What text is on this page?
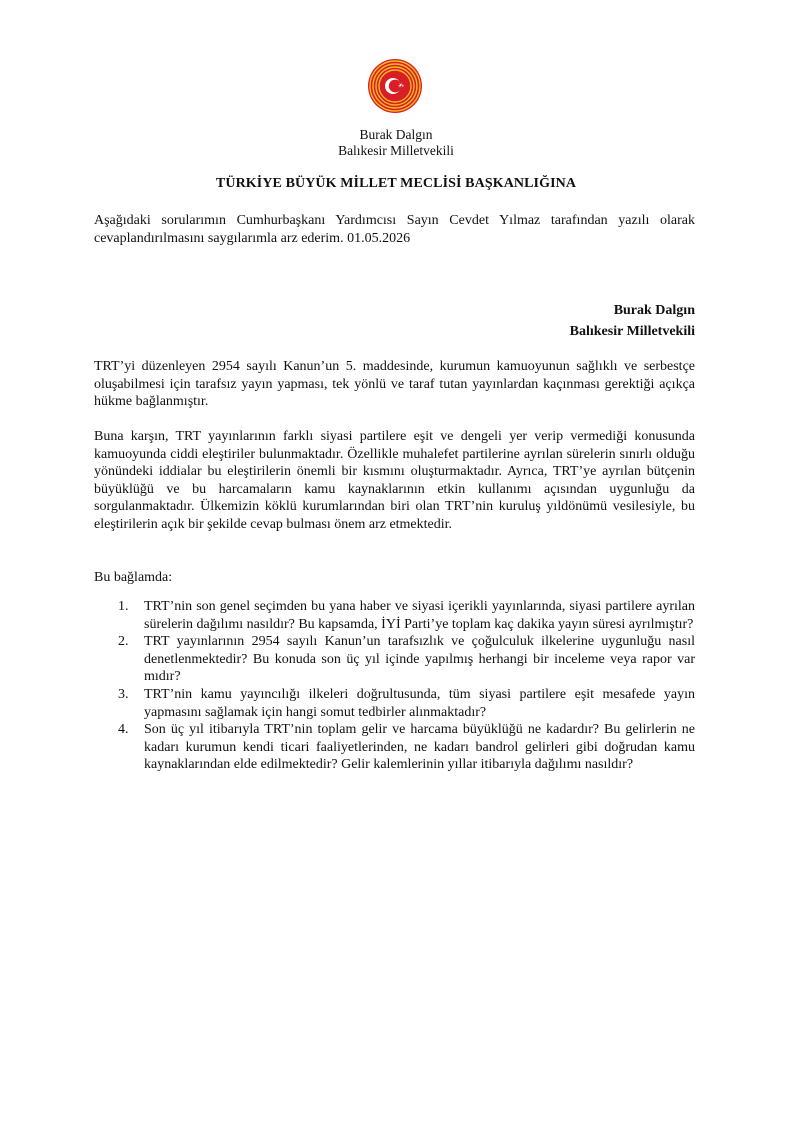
Burak Dalgın
Balıkesir Milletvekili
TÜRKİYE BÜYÜK MİLLET MECLİSİ BAŞKANLIĞINA
Aşağıdaki sorularımın Cumhurbaşkanı Yardımcısı Sayın Cevdet Yılmaz tarafından yazılı olarak cevaplandırılmasını saygılarımla arz ederim. 01.05.2026
Burak Dalgın
Balıkesir Milletvekili
TRT’yi düzenleyen 2954 sayılı Kanun’un 5. maddesinde, kurumun kamuoyunun sağlıklı ve serbestçe oluşabilmesi için tarafsız yayın yapması, tek yönlü ve taraf tutan yayınlardan kaçınması gerektiği açıkça hükme bağlanmıştır.
Buna karşın, TRT yayınlarının farklı siyasi partilere eşit ve dengeli yer verip vermediği konusunda kamuoyunda ciddi eleştiriler bulunmaktadır. Özellikle muhalefet partilerine ayrılan sürelerin sınırlı olduğu yönündeki iddialar bu eleştirilerin önemli bir kısmını oluşturmaktadır. Ayrıca, TRT’ye ayrılan bütçenin büyüklüğü ve bu harcamaların kamu kaynaklarının etkin kullanımı açısından uygunluğu da sorgulanmaktadır. Ülkemizin köklü kurumlarından biri olan TRT’nin kuruluş yıldönümü vesilesiyle, bu eleştirilerin açık bir şekilde cevap bulması önem arz etmektedir.
Bu bağlamda:
1. TRT’nin son genel seçimden bu yana haber ve siyasi içerikli yayınlarında, siyasi partilere ayrılan sürelerin dağılımı nasıldır? Bu kapsamda, İYİ Parti’ye toplam kaç dakika yayın süresi ayrılmıştır?
2. TRT yayınlarının 2954 sayılı Kanun’un tarafsızlık ve çoğulculuk ilkelerine uygunluğu nasıl denetlenmektedir? Bu konuda son üç yıl içinde yapılmış herhangi bir inceleme veya rapor var mıdır?
3. TRT’nin kamu yayıncılığı ilkeleri doğrultusunda, tüm siyasi partilere eşit mesafede yayın yapmasını sağlamak için hangi somut tedbirler alınmaktadır?
4. Son üç yıl itibarıyla TRT’nin toplam gelir ve harcama büyüklüğü ne kadardır? Bu gelirlerin ne kadarı kurumun kendi ticari faaliyetlerinden, ne kadarı bandrol gelirleri gibi doğrudan kamu kaynaklarından elde edilmektedir? Gelir kalemlerinin yıllar itibarıyla dağılımı nasıldır?
